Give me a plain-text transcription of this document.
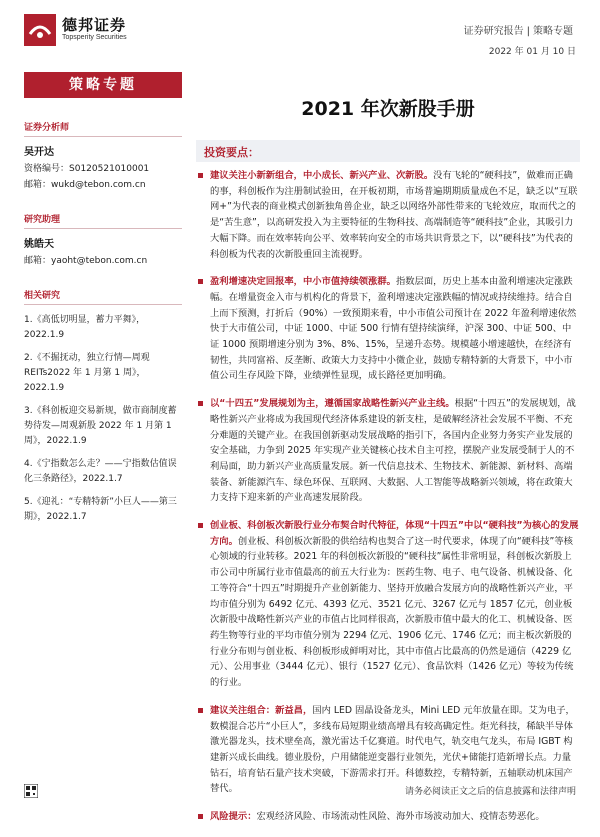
德邦证券
Topsperity Securities
证券研究报告 | 策略专题
2022 年 01 月 10 日
策略专题
证券分析师
吴开达
资格编号：S0120521010001
邮箱：wukd@tebon.com.cn
研究助理
姚皓天
邮箱：yaoht@tebon.com.cn
相关研究
1.《高低切明显，蓄力平舞》，2022.1.9
2.《不掘抚动，独立行情—周观REITs2022 年 1 月第 1 周》，2022.1.9
3.《科创板迎交易新规，做市商制度蓄势待发—周观新股 2022 年 1 月第 1 周》，2022.1.9
4.《宁指数怎么走？——宁指数估值误化三条路径》，2022.1.7
5.《迎礼：“专精特新”小巨人——第三期》，2022.1.7
2021 年次新股手册
投资要点：
建议关注小新新组合，中小成长、新兴产业、次新股。没有飞轮的“硬科技”，做难而正确的事，科创板作为注册制试验田，在开板初期，市场普遍期期质量成色不足，缺乏以“互联网+”为代表的商业模式创新独角兽企业，缺乏以网络外部性带来的飞轮效应，取而代之的是“苦生意”，以高研发投入为主要特征的生物科技、高端制造等“硬科技”企业，其吸引力大幅下降。而在效率转向公平、效率转向安全的市场共识背景之下，以“硬科技”为代表的科创板为代表的次新股重回主流视野。
盈利增速决定回报率，中小市值持续领涨群。指数层面，历史上基本由盈利增速决定涨跌幅。在增量资金入市与机构化的背景下，盈利增速决定涨跌幅的情况或持续维持。结合自上而下预测，打折后（90%）一致预期来看，中小市值公司预计在 2022 年盈利增速依然快于大市值公司，中证 1000、中证 500 行情有望持续演绎，沪深 300、中证 500、中证 1000 预期增速分别为 3%、8%、15%，呈递升态势。规模越小增速越快，在经济有韧性，共同富裕、反垄断、政策大力支持中小微企业，鼓励专精特新的大背景下，中小市值公司生存风险下降，业绩弹性显现，成长路径更加明确。
以“十四五”发展规划为主，遵循国家战略性新兴产业主线。根据“十四五”的发展规划，战略性新兴产业将成为我国现代经济体系建设的新支柱，是破解经济社会发展不平衡、不充分难题的关键产业。在我国创新驱动发展战略的指引下，各国内企业努力务实产业发展的安全基础，力争到 2025 年实现产业关键核心技术自主可控，摆脱产业发展受制于人的不利局面，助力新兴产业高质量发展。新一代信息技术、生物技术、新能源、新材料、高端装备、新能源汽车、绿色环保、互联网、大数据、人工智能等战略新兴领域，将在政策大力支持下迎来新的产业高速发展阶段。
创业板、科创板次新股行业分布契合时代特征，体现“十四五”中以“硬科技”为核心的发展方向。创业板、科创板次新股的供给结构也契合了这一时代要求，体现了向“硬科技”等核心领域的行业转移。2021 年的科创板次新股的“硬科技”属性非常明显，科创板次新股上市公司中所属行业市值最高的前五大行业为：医药生物、电子、电气设备、机械设备、化工等符合“十四五”时期提升产业创新能力、坚持开放融合发展方向的战略性新兴产业，平均市值分别为 6492 亿元、4393 亿元、3521 亿元、3267 亿元与 1857 亿元，创业板次新股中战略性新兴产业的市值占比同样很高，次新股市值中最大的化工、机械设备、医药生物等行业的平均市值分别为 2294 亿元、1906 亿元、1746 亿元；而主板次新股的行业分布则与创业板、科创板形成鲜明对比，其中市值占比最高的仍然是通信（4229 亿元）、公用事业（3444 亿元）、银行（1527 亿元）、食品饮料（1426 亿元）等较为传统的行业。
建议关注组合：新益昌，国内 LED 固晶设备龙头，Mini LED 元年放量在即。艾为电子，数模混合芯片“小巨人”，多线布局短期业绩高增具有较高确定性。炬光科技，稀缺半导体激光器龙头，技术壁垒高，激光雷达千亿赛道。时代电气，轨交电气龙头，布局 IGBT 构建新兴成长曲线。德业股份，户用储能逆变器行业领先，光伏+储能打造新增长点。力量钻石，培育钻石量产技术突破，下游需求打开。科德数控，专精特新，五轴联动机床国产替代。
风险提示：宏观经济风险、市场流动性风险、海外市场波动加大、疫情态势恶化。
请务必阅读正文之后的信息披露和法律声明
